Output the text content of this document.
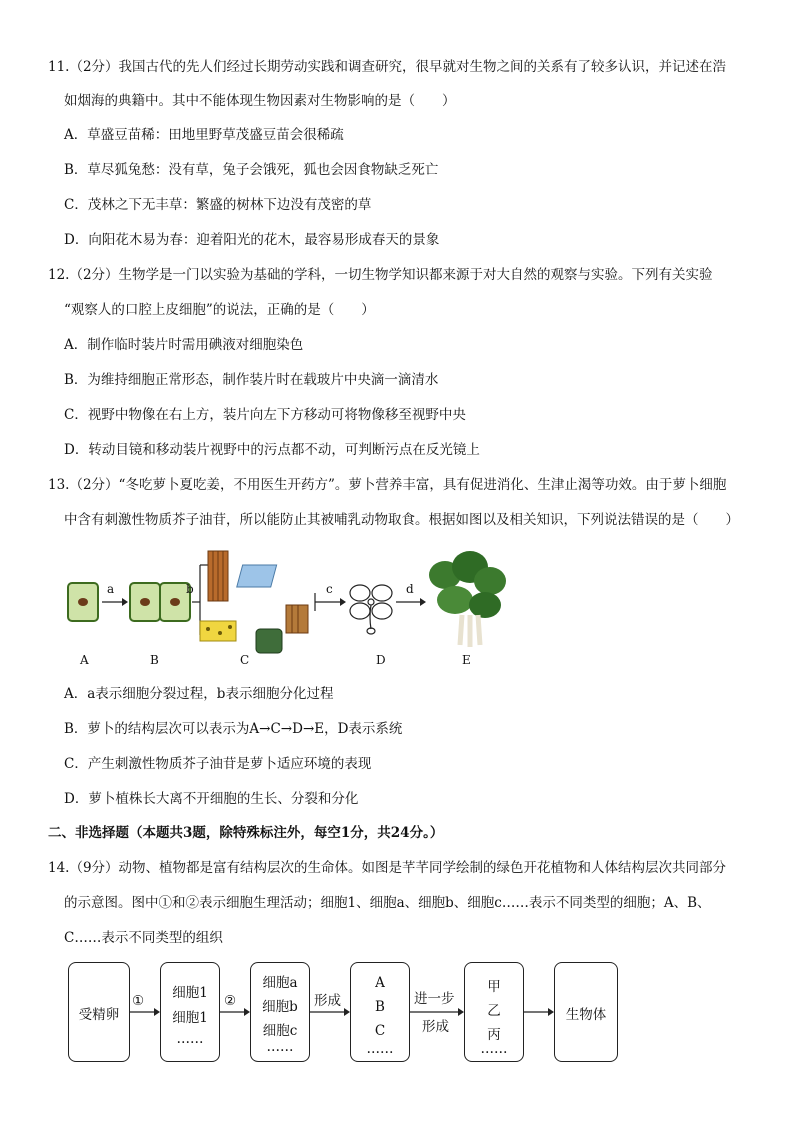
11.（2分）我国古代的先人们经过长期劳动实践和调查研究，很早就对生物之间的关系有了较多认识，并记述在浩
如烟海的典籍中。其中不能体现生物因素对生物影响的是（　　）
A．草盛豆苗稀：田地里野草茂盛豆苗会很稀疏
B．草尽狐兔愁：没有草，兔子会饿死，狐也会因食物缺乏死亡
C．茂林之下无丰草：繁盛的树林下边没有茂密的草
D．向阳花木易为春：迎着阳光的花木，最容易形成春天的景象
12.（2分）生物学是一门以实验为基础的学科，一切生物学知识都来源于对大自然的观察与实验。下列有关实验
“观察人的口腔上皮细胞”的说法，正确的是（　　）
A．制作临时装片时需用碘液对细胞染色
B．为维持细胞正常形态，制作装片时在载玻片中央滴一滴清水
C．视野中物像在右上方，装片向左下方移动可将物像移至视野中央
D．转动目镜和移动装片视野中的污点都不动，可判断污点在反光镜上
13.（2分）“冬吃萝卜夏吃姜，不用医生开药方”。萝卜营养丰富，具有促进消化、生津止渴等功效。由于萝卜细胞
中含有刺激性物质芥子油苷，所以能防止其被哺乳动物取食。根据如图以及相关知识，下列说法错误的是（　　）
a	b	c	d
A	B	C	D	E
A．a表示细胞分裂过程，b表示细胞分化过程
B．萝卜的结构层次可以表示为A→C→D→E，D表示系统
C．产生刺激性物质芥子油苷是萝卜适应环境的表现
D．萝卜植株长大离不开细胞的生长、分裂和分化
二、非选择题（本题共3题，除特殊标注外，每空1分，共24分。）
14.（9分）动物、植物都是富有结构层次的生命体。如图是芊芊同学绘制的绿色开花植物和人体结构层次共同部分
的示意图。图中①和②表示细胞生理活动；细胞1、细胞a、细胞b、细胞c……表示不同类型的细胞；A、B、
C……表示不同类型的组织
受精卵
①	细胞1
细胞1
……
②
细胞a
细胞b
细胞c
……
形成
A
B
C
……
进一步
形成
甲
乙
丙
……
生物体
